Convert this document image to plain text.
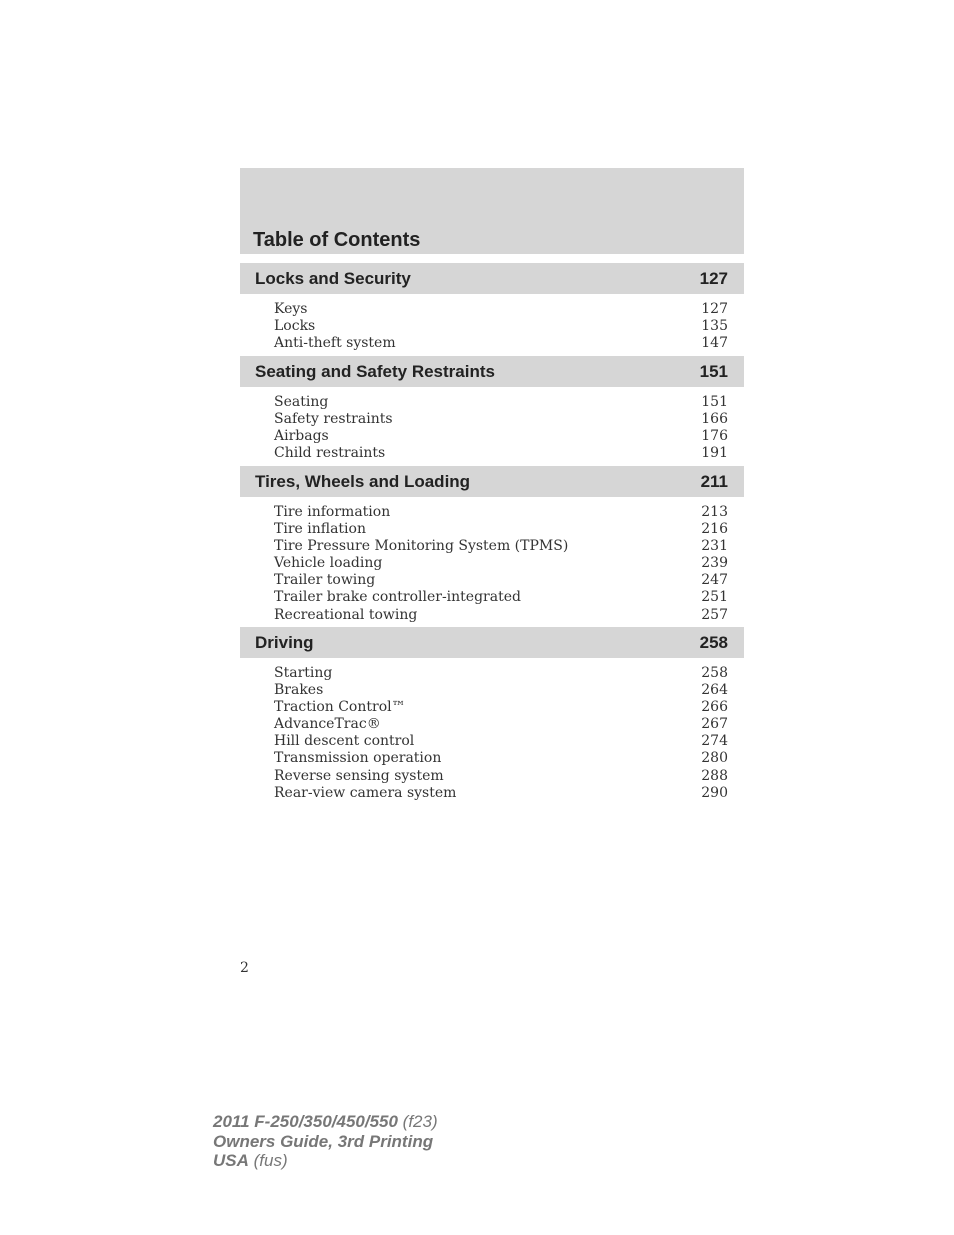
Table of Contents
Locks and Security	127
Keys	127
Locks	135
Anti-theft system	147
Seating and Safety Restraints	151
Seating	151
Safety restraints	166
Airbags	176
Child restraints	191
Tires, Wheels and Loading	211
Tire information	213
Tire inflation	216
Tire Pressure Monitoring System (TPMS)	231
Vehicle loading	239
Trailer towing	247
Trailer brake controller-integrated	251
Recreational towing	257
Driving	258
Starting	258
Brakes	264
Traction Control™	266
AdvanceTrac®	267
Hill descent control	274
Transmission operation	280
Reverse sensing system	288
Rear-view camera system	290
2
2011 F-250/350/450/550 (f23)
Owners Guide, 3rd Printing
USA (fus)
